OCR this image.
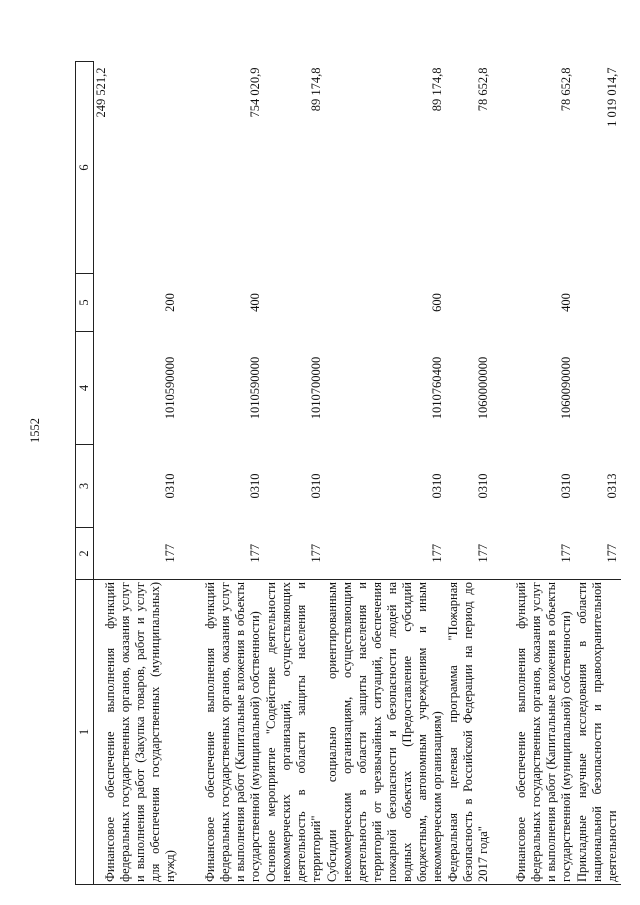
1552
1	2	3	4	5	6
Финансовое обеспечение выполнения функций федеральных государственных органов, оказания услуг и выполнения работ (Закупка товаров, работ и услуг для обеспечения государственных (муниципальных) нужд)	177	0310	1010590000	200	249 521,2
Финансовое обеспечение выполнения функций федеральных государственных органов, оказания услуг и выполнения работ (Капитальные вложения в объекты государственной (муниципальной) собственности)	177	0310	1010590000	400	754 020,9
Основное мероприятие "Содействие деятельности некоммерческих организаций, осуществляющих деятельность в области защиты населения и территорий"	177	0310	1010700000		89 174,8
Субсидии социально ориентированным некоммерческим организациям, осуществляющим деятельность в области защиты населения и территорий от чрезвычайных ситуаций, обеспечения пожарной безопасности и безопасности людей на водных объектах (Предоставление субсидий бюджетным, автономным учреждениям и иным некоммерческим организациям)	177	0310	1010760400	600	89 174,8
Федеральная целевая программа "Пожарная безопасность в Российской Федерации на период до 2017 года"	177	0310	1060000000		78 652,8
Финансовое обеспечение выполнения функций федеральных государственных органов, оказания услуг и выполнения работ (Капитальные вложения в объекты государственной (муниципальной) собственности)	177	0310	1060090000	400	78 652,8
Прикладные научные исследования в области национальной безопасности и правоохранительной деятельности	177	0313			1 019 014,7
